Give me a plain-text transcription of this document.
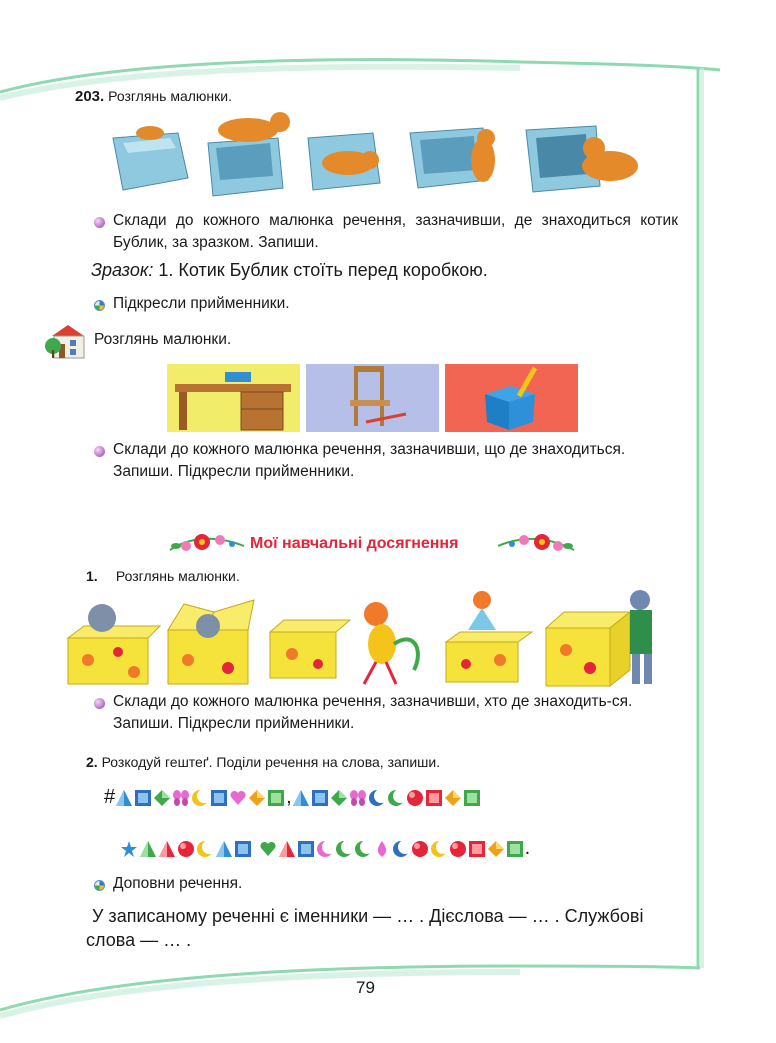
203. Розглянь малюнки.
Склади до кожного малюнка речення, зазначивши, де знаходиться котик Бублик, за зразком. Запиши.
Зразок: 1. Котик Бублик стоїть перед коробкою.
Підкресли прийменники.
Розглянь малюнки.
Склади до кожного малюнка речення, зазначивши, що де знаходиться. Запиши. Підкресли прийменники.
Мої навчальні досягнення
1. Розглянь малюнки.
Склади до кожного малюнка речення, зазначивши, хто де знаходить-ся. Запиши. Підкресли прийменники.
2. Розкодуй гештеґ. Поділи речення на слова, запиши.
#	,
.
Доповни речення.
У записаному реченні є іменники — … . Дієслова — … . Службові слова — … .
79
